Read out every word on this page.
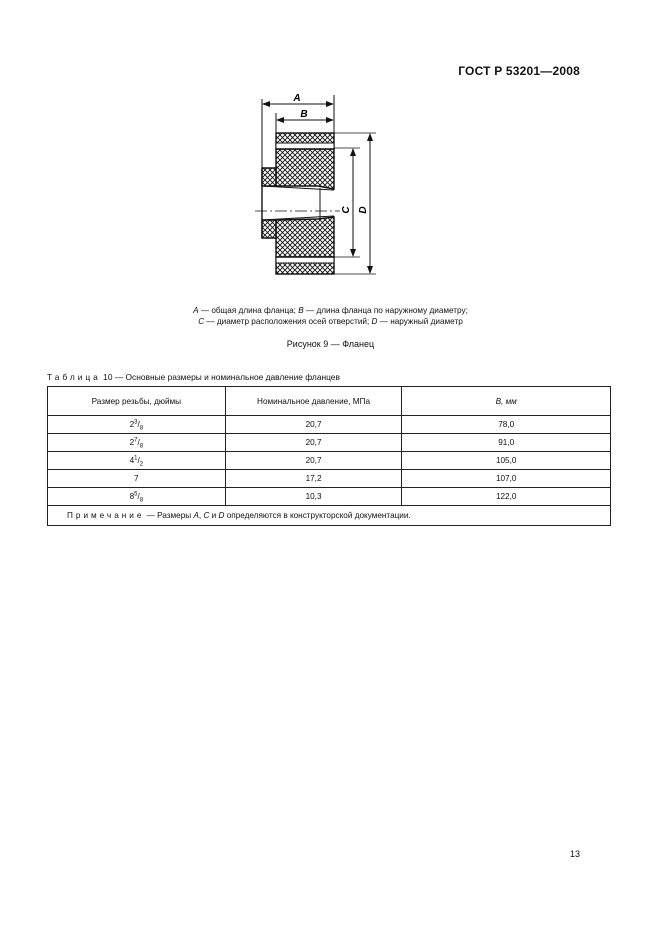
ГОСТ Р 53201—2008
A
B
C D
A — общая длина фланца; B — длина фланца по наружному диаметру;
C — диаметр расположения осей отверстий; D — наружный диаметр
Рисунок 9 — Фланец
Таблица 10 — Основные размеры и номинальное давление фланцев
Размер резьбы, дюймы	Номинальное давление, МПа	B, мм
$2^3/_8$	20,7	78,0
$2^7/_8$	20,7	91,0
$4^1/_2$	20,7	105,0
7	17,2	107,0
$8^5/_8$	10,3	122,0
Примечание — Размеры A, C и D определяются в конструкторской документации.		
13
